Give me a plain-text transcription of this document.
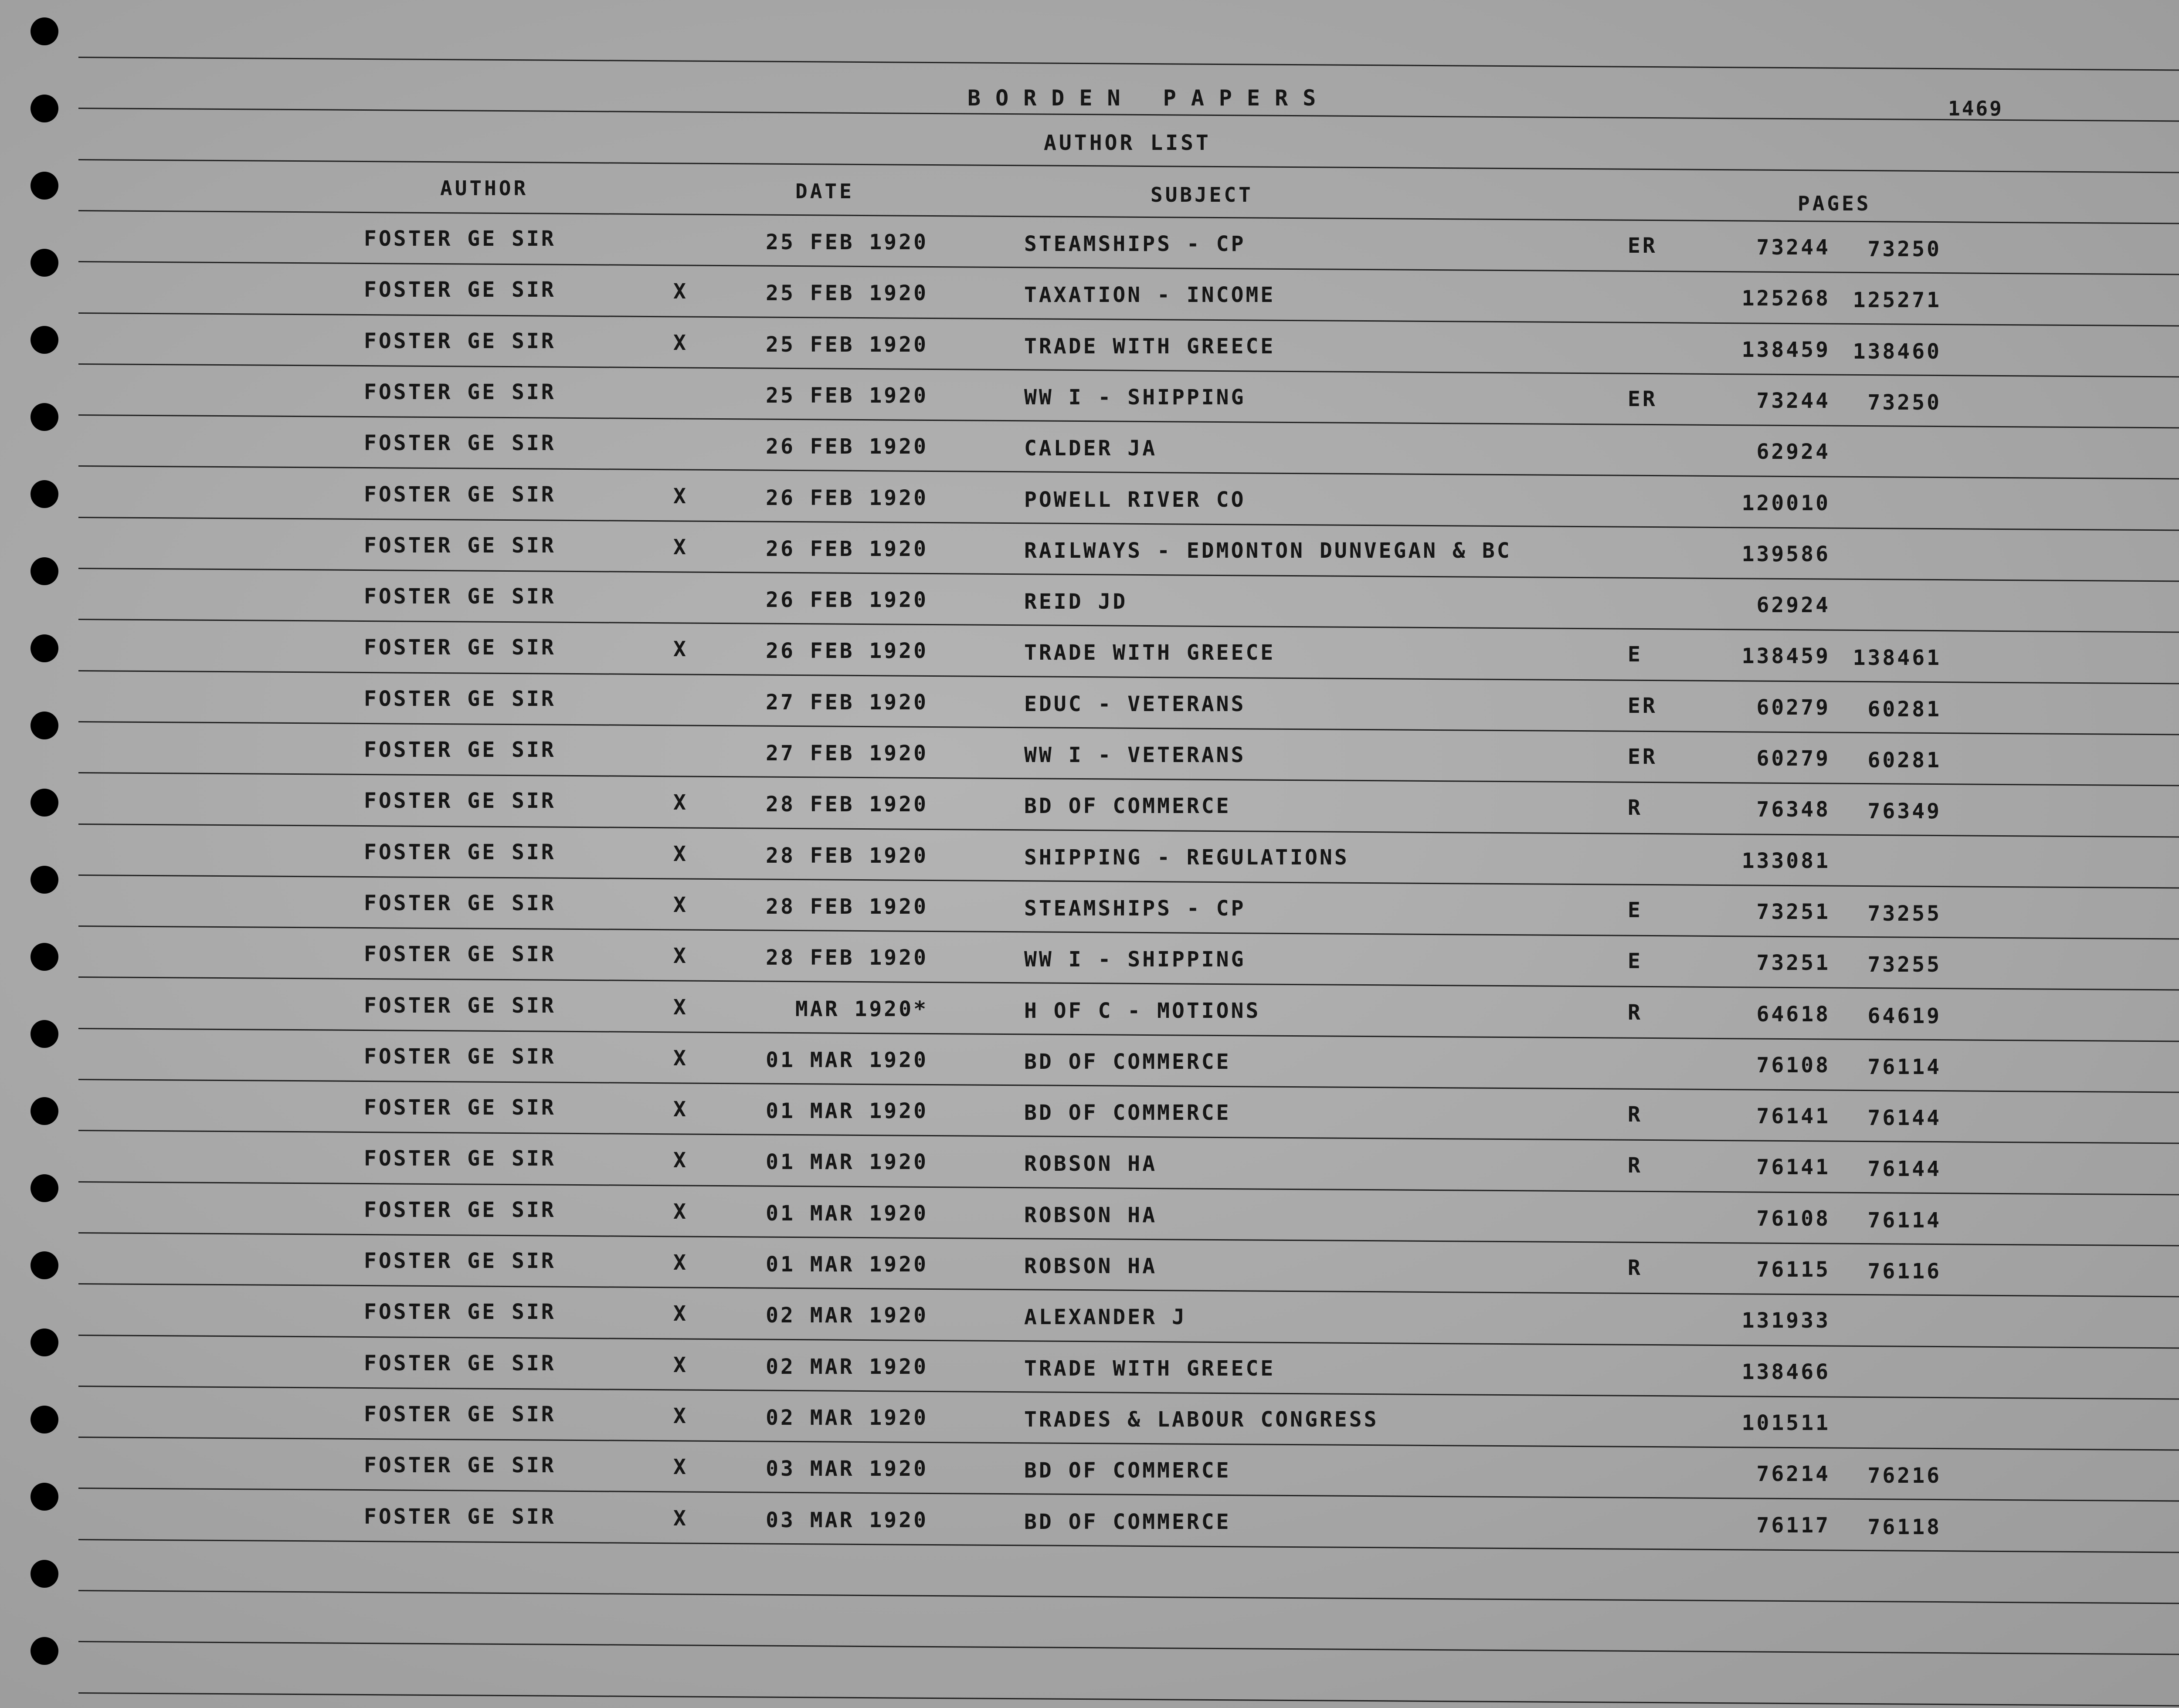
BORDEN PAPERS	1469
AUTHOR LIST
AUTHOR	DATE	SUBJECT	PAGES
FOSTER GE SIR	25 FEB 1920	STEAMSHIPS - CP	ER	73244	73250
FOSTER GE SIR	X	25 FEB 1920	TAXATION - INCOME	125268	125271
FOSTER GE SIR	X	25 FEB 1920	TRADE WITH GREECE	138459	138460
FOSTER GE SIR	25 FEB 1920	WW I - SHIPPING	ER	73244	73250
FOSTER GE SIR	26 FEB 1920	CALDER JA	62924
FOSTER GE SIR	X	26 FEB 1920	POWELL RIVER CO	120010
FOSTER GE SIR	X	26 FEB 1920	RAILWAYS - EDMONTON DUNVEGAN & BC	139586
FOSTER GE SIR	26 FEB 1920	REID JD	62924
FOSTER GE SIR	X	26 FEB 1920	TRADE WITH GREECE	E	138459	138461
FOSTER GE SIR	27 FEB 1920	EDUC - VETERANS	ER	60279	60281
FOSTER GE SIR	27 FEB 1920	WW I - VETERANS	ER	60279	60281
FOSTER GE SIR	X	28 FEB 1920	BD OF COMMERCE	R	76348	76349
FOSTER GE SIR	X	28 FEB 1920	SHIPPING - REGULATIONS	133081
FOSTER GE SIR	X	28 FEB 1920	STEAMSHIPS - CP	E	73251	73255
FOSTER GE SIR	X	28 FEB 1920	WW I - SHIPPING	E	73251	73255
FOSTER GE SIR	X	MAR 1920*	H OF C - MOTIONS	R	64618	64619
FOSTER GE SIR	X	01 MAR 1920	BD OF COMMERCE	76108	76114
FOSTER GE SIR	X	01 MAR 1920	BD OF COMMERCE	R	76141	76144
FOSTER GE SIR	X	01 MAR 1920	ROBSON HA	R	76141	76144
FOSTER GE SIR	X	01 MAR 1920	ROBSON HA	76108	76114
FOSTER GE SIR	X	01 MAR 1920	ROBSON HA	R	76115	76116
FOSTER GE SIR	X	02 MAR 1920	ALEXANDER J	131933
FOSTER GE SIR	X	02 MAR 1920	TRADE WITH GREECE	138466
FOSTER GE SIR	X	02 MAR 1920	TRADES & LABOUR CONGRESS	101511
FOSTER GE SIR	X	03 MAR 1920	BD OF COMMERCE	76214	76216
FOSTER GE SIR	X	03 MAR 1920	BD OF COMMERCE	76117	76118
